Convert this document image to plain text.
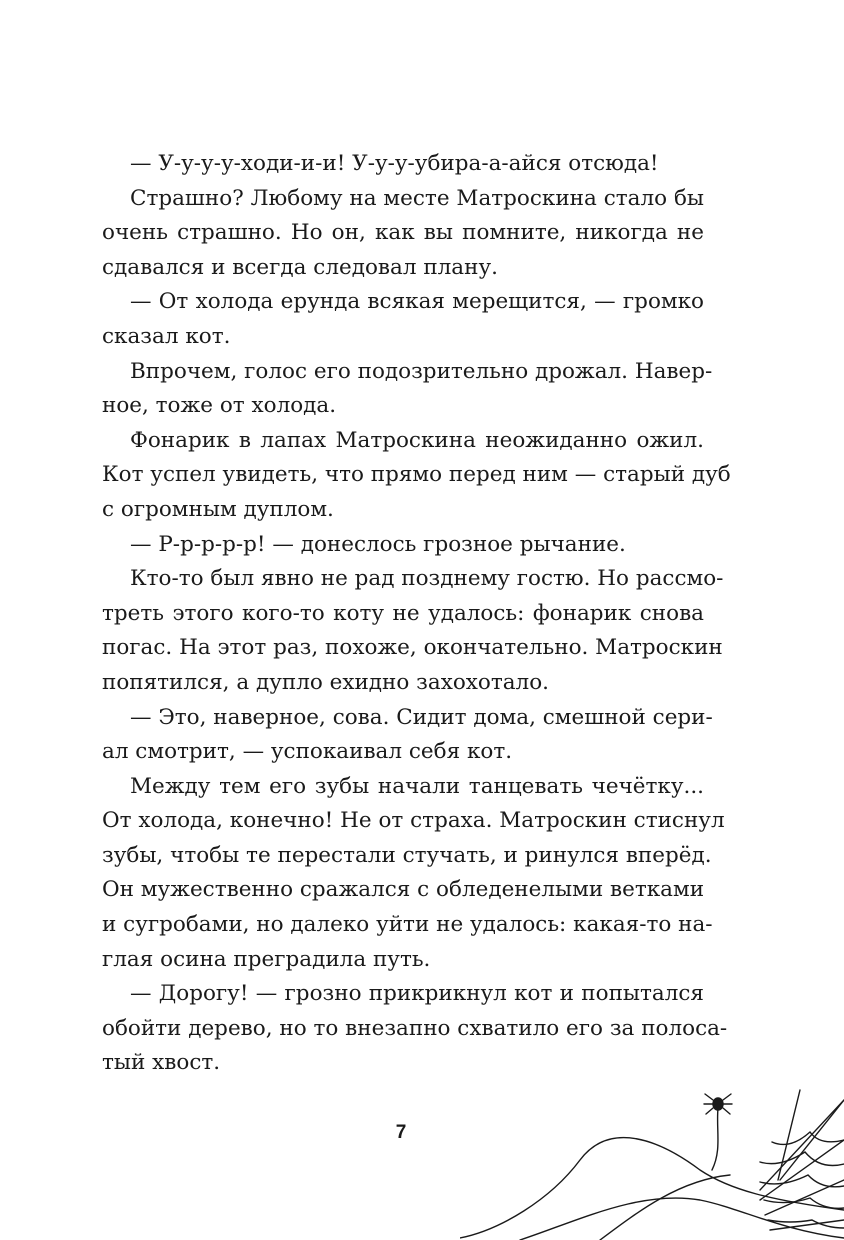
— У-у-у-у-ходи-и-и! У-у-у-убира-а-айся отсюда!
Страшно? Любому на месте Матроскина стало бы
очень страшно. Но он, как вы помните, никогда не
сдавался и всегда следовал плану.
— От холода ерунда всякая мерещится, — громко
сказал кот.
Впрочем, голос его подозрительно дрожал. Навер-
ное, тоже от холода.
Фонарик в лапах Матроскина неожиданно ожил.
Кот успел увидеть, что прямо перед ним — старый дуб
с огромным дуплом.
— Р-р-р-р-р! — донеслось грозное рычание.
Кто-то был явно не рад позднему гостю. Но рассмо-
треть этого кого-то коту не удалось: фонарик снова
погас. На этот раз, похоже, окончательно. Матроскин
попятился, а дупло ехидно захохотало.
— Это, наверное, сова. Сидит дома, смешной сери-
ал смотрит, — успокаивал себя кот.
Между тем его зубы начали танцевать чечётку...
От холода, конечно! Не от страха. Матроскин стиснул
зубы, чтобы те перестали стучать, и ринулся вперёд.
Он мужественно сражался с обледенелыми ветками
и сугробами, но далеко уйти не удалось: какая-то на-
глая осина преградила путь.
— Дорогу! — грозно прикрикнул кот и попытался
обойти дерево, но то внезапно схватило его за полоса-
тый хвост.
7
